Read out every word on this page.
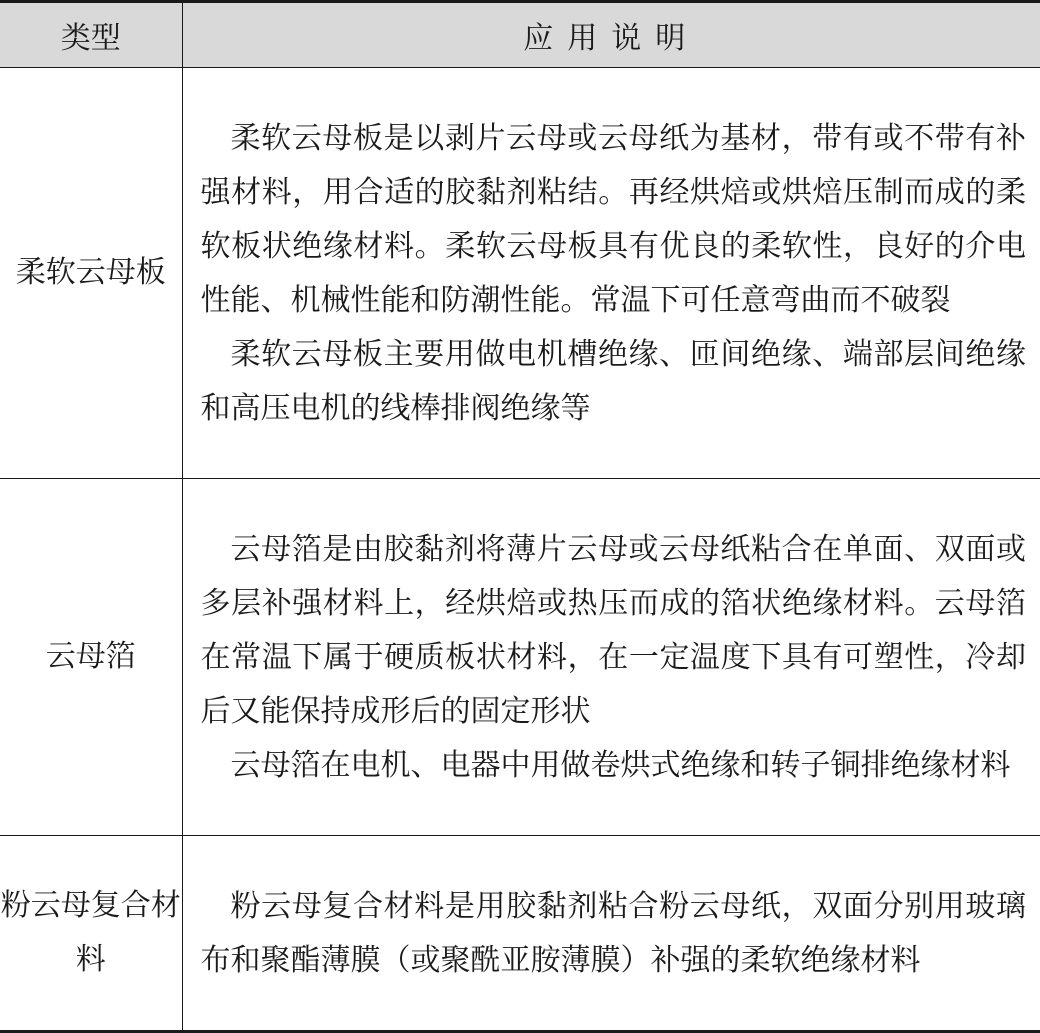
类型	应用说明
柔软云母板	柔软云母板是以剥片云母或云母纸为基材，带有或不带有补强材料，用合适的胶黏剂粘结。再经烘焙或烘焙压制而成的柔软板状绝缘材料。柔软云母板具有优良的柔软性，良好的介电性能、机械性能和防潮性能。常温下可任意弯曲而不破裂

柔软云母板主要用做电机槽绝缘、匝间绝缘、端部层间绝缘和高压电机的线棒排阀绝缘等

云母箔	云母箔是由胶黏剂将薄片云母或云母纸粘合在单面、双面或多层补强材料上，经烘焙或热压而成的箔状绝缘材料。云母箔在常温下属于硬质板状材料，在一定温度下具有可塑性，冷却后又能保持成形后的固定形状

云母箔在电机、电器中用做卷烘式绝缘和转子铜排绝缘材料

粉云母复合材料	粉云母复合材料是用胶黏剂粘合粉云母纸，双面分别用玻璃布和聚酯薄膜（或聚酰亚胺薄膜）补强的柔软绝缘材料
